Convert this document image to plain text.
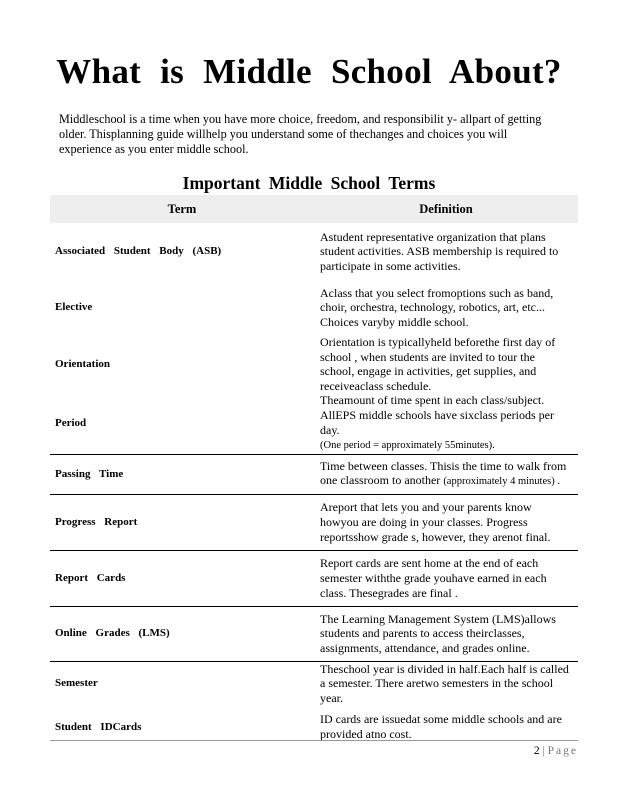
What is Middle School About?
Middleschool is a time when you have more choice, freedom, and responsibilit y- allpart of getting older. Thisplanning guide willhelp you understand some of thechanges and choices you will experience as you enter middle school.
Important Middle School Terms
Term	Definition
Associated Student Body (ASB)	Astudent representative organization that plans student activities. ASB membership is required to participate in some activities.
Elective	Aclass that you select fromoptions such as band, choir, orchestra, technology, robotics, art, etc... Choices varyby middle school.
Orientation	Orientation is typicallyheld beforethe first day of school , when students are invited to tour the school, engage in activities, get supplies, and receiveaclass schedule.
Period	Theamount of time spent in each class/subject. AllEPS middle schools have sixclass periods per day.
(One period = approximately 55minutes).
Passing Time	Time between classes. Thisis the time to walk from one classroom to another (approximately 4 minutes) .
Progress Report	Areport that lets you and your parents know howyou are doing in your classes. Progress reportsshow grade s, however, they arenot final.
Report Cards	Report cards are sent home at the end of each semester withthe grade youhave earned in each class. Thesegrades are final .
Online Grades (LMS)	The Learning Management System (LMS)allows students and parents to access theirclasses, assignments, attendance, and grades online.
Semester	Theschool year is divided in half.Each half is called a semester. There aretwo semesters in the school year.
Student IDCards	ID cards are issuedat some middle schools and are provided atno cost.
2 | Page
